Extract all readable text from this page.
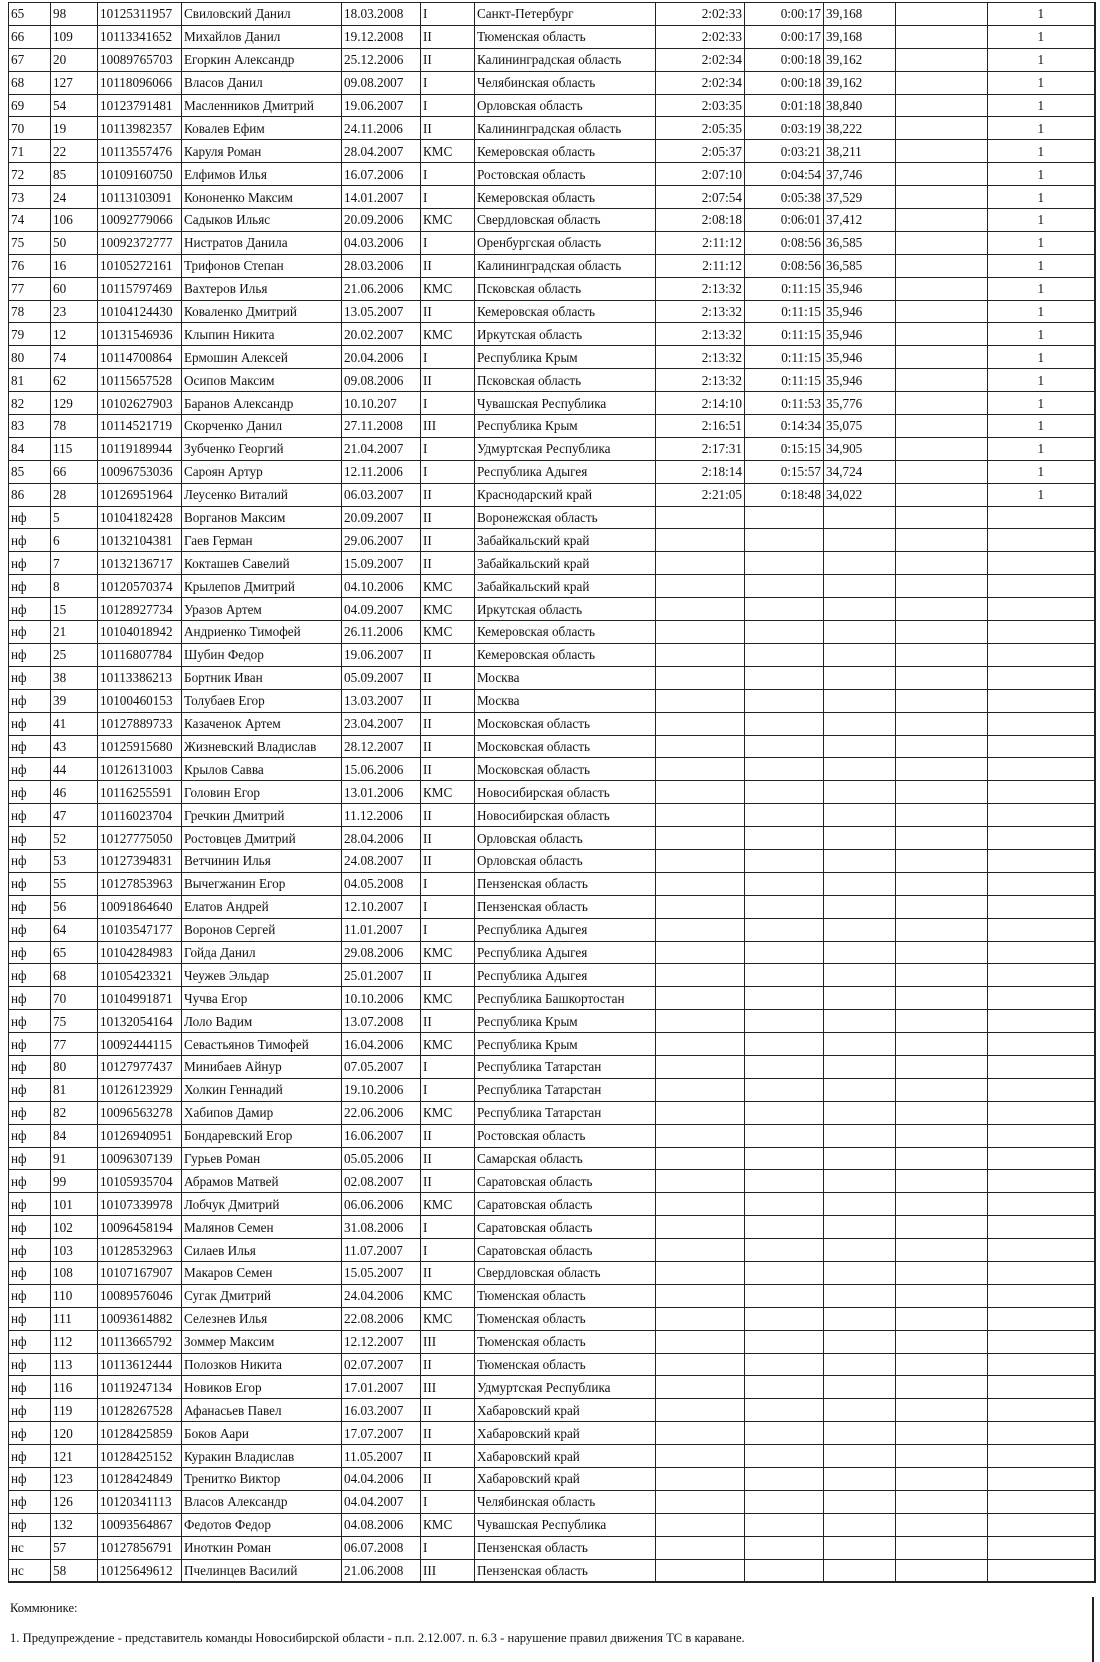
65	98	10125311957	Свиловский Данил	18.03.2008	I	Санкт-Петербург	2:02:33	0:00:17	39,168		1
66	109	10113341652	Михайлов Данил	19.12.2008	II	Тюменская область	2:02:33	0:00:17	39,168		1
67	20	10089765703	Егоркин Александр	25.12.2006	II	Калининградская область	2:02:34	0:00:18	39,162		1
68	127	10118096066	Власов Данил	09.08.2007	I	Челябинская область	2:02:34	0:00:18	39,162		1
69	54	10123791481	Масленников Дмитрий	19.06.2007	I	Орловская область	2:03:35	0:01:18	38,840		1
70	19	10113982357	Ковалев Ефим	24.11.2006	II	Калининградская область	2:05:35	0:03:19	38,222		1
71	22	10113557476	Каруля Роман	28.04.2007	КМС	Кемеровская область	2:05:37	0:03:21	38,211		1
72	85	10109160750	Елфимов Илья	16.07.2006	I	Ростовская область	2:07:10	0:04:54	37,746		1
73	24	10113103091	Кононенко Максим	14.01.2007	I	Кемеровская область	2:07:54	0:05:38	37,529		1
74	106	10092779066	Садыков Ильяс	20.09.2006	КМС	Свердловская область	2:08:18	0:06:01	37,412		1
75	50	10092372777	Нистратов Данила	04.03.2006	I	Оренбургская область	2:11:12	0:08:56	36,585		1
76	16	10105272161	Трифонов Степан	28.03.2006	II	Калининградская область	2:11:12	0:08:56	36,585		1
77	60	10115797469	Вахтеров Илья	21.06.2006	КМС	Псковская область	2:13:32	0:11:15	35,946		1
78	23	10104124430	Коваленко Дмитрий	13.05.2007	II	Кемеровская область	2:13:32	0:11:15	35,946		1
79	12	10131546936	Клыпин Никита	20.02.2007	КМС	Иркутская область	2:13:32	0:11:15	35,946		1
80	74	10114700864	Ермошин Алексей	20.04.2006	I	Республика Крым	2:13:32	0:11:15	35,946		1
81	62	10115657528	Осипов Максим	09.08.2006	II	Псковская область	2:13:32	0:11:15	35,946		1
82	129	10102627903	Баранов Александр	10.10.207	I	Чувашская Республика	2:14:10	0:11:53	35,776		1
83	78	10114521719	Скорченко Данил	27.11.2008	III	Республика Крым	2:16:51	0:14:34	35,075		1
84	115	10119189944	Зубченко Георгий	21.04.2007	I	Удмуртская Республика	2:17:31	0:15:15	34,905		1
85	66	10096753036	Сароян Артур	12.11.2006	I	Республика Адыгея	2:18:14	0:15:57	34,724		1
86	28	10126951964	Леусенко Виталий	06.03.2007	II	Краснодарский край	2:21:05	0:18:48	34,022		1
нф	5	10104182428	Ворганов Максим	20.09.2007	II	Воронежская область					
нф	6	10132104381	Гаев Герман	29.06.2007	II	Забайкальский край					
нф	7	10132136717	Кокташев Савелий	15.09.2007	II	Забайкальский край					
нф	8	10120570374	Крылепов Дмитрий	04.10.2006	КМС	Забайкальский край					
нф	15	10128927734	Уразов Артем	04.09.2007	КМС	Иркутская область					
нф	21	10104018942	Андриенко Тимофей	26.11.2006	КМС	Кемеровская область					
нф	25	10116807784	Шубин Федор	19.06.2007	II	Кемеровская область					
нф	38	10113386213	Бортник Иван	05.09.2007	II	Москва					
нф	39	10100460153	Толубаев Егор	13.03.2007	II	Москва					
нф	41	10127889733	Казаченок Артем	23.04.2007	II	Московская область					
нф	43	10125915680	Жизневский Владислав	28.12.2007	II	Московская область					
нф	44	10126131003	Крылов Савва	15.06.2006	II	Московская область					
нф	46	10116255591	Головин Егор	13.01.2006	КМС	Новосибирская область					
нф	47	10116023704	Гречкин Дмитрий	11.12.2006	II	Новосибирская область					
нф	52	10127775050	Ростовцев Дмитрий	28.04.2006	II	Орловская область					
нф	53	10127394831	Ветчинин Илья	24.08.2007	II	Орловская область					
нф	55	10127853963	Вычегжанин Егор	04.05.2008	I	Пензенская область					
нф	56	10091864640	Елатов Андрей	12.10.2007	I	Пензенская область					
нф	64	10103547177	Воронов Сергей	11.01.2007	I	Республика Адыгея					
нф	65	10104284983	Гойда Данил	29.08.2006	КМС	Республика Адыгея					
нф	68	10105423321	Чеужев Эльдар	25.01.2007	II	Республика Адыгея					
нф	70	10104991871	Чучва Егор	10.10.2006	КМС	Республика Башкортостан					
нф	75	10132054164	Лоло Вадим	13.07.2008	II	Республика Крым					
нф	77	10092444115	Севастьянов Тимофей	16.04.2006	КМС	Республика Крым					
нф	80	10127977437	Минибаев Айнур	07.05.2007	I	Республика Татарстан					
нф	81	10126123929	Холкин Геннадий	19.10.2006	I	Республика Татарстан					
нф	82	10096563278	Хабипов Дамир	22.06.2006	КМС	Республика Татарстан					
нф	84	10126940951	Бондаревский Егор	16.06.2007	II	Ростовская область					
нф	91	10096307139	Гурьев Роман	05.05.2006	II	Самарская область					
нф	99	10105935704	Абрамов Матвей	02.08.2007	II	Саратовская область					
нф	101	10107339978	Лобчук Дмитрий	06.06.2006	КМС	Саратовская область					
нф	102	10096458194	Малянов Семен	31.08.2006	I	Саратовская область					
нф	103	10128532963	Силаев Илья	11.07.2007	I	Саратовская область					
нф	108	10107167907	Макаров Семен	15.05.2007	II	Свердловская область					
нф	110	10089576046	Сугак Дмитрий	24.04.2006	КМС	Тюменская область					
нф	111	10093614882	Селезнев Илья	22.08.2006	КМС	Тюменская область					
нф	112	10113665792	Зоммер Максим	12.12.2007	III	Тюменская область					
нф	113	10113612444	Полозков Никита	02.07.2007	II	Тюменская область					
нф	116	10119247134	Новиков Егор	17.01.2007	III	Удмуртская Республика					
нф	119	10128267528	Афанасьев Павел	16.03.2007	II	Хабаровский край					
нф	120	10128425859	Боков Аари	17.07.2007	II	Хабаровский край					
нф	121	10128425152	Куракин Владислав	11.05.2007	II	Хабаровский край					
нф	123	10128424849	Тренитко Виктор	04.04.2006	II	Хабаровский край					
нф	126	10120341113	Власов Александр	04.04.2007	I	Челябинская область					
нф	132	10093564867	Федотов Федор	04.08.2006	КМС	Чувашская Республика					
нс	57	10127856791	Иноткин Роман	06.07.2008	I	Пензенская область					
нс	58	10125649612	Пчелинцев Василий	21.06.2008	III	Пензенская область					
Коммюнике:
1. Предупреждение - представитель команды Новосибирской области - п.п. 2.12.007. п. 6.3 - нарушение правил движения ТС в караване.
